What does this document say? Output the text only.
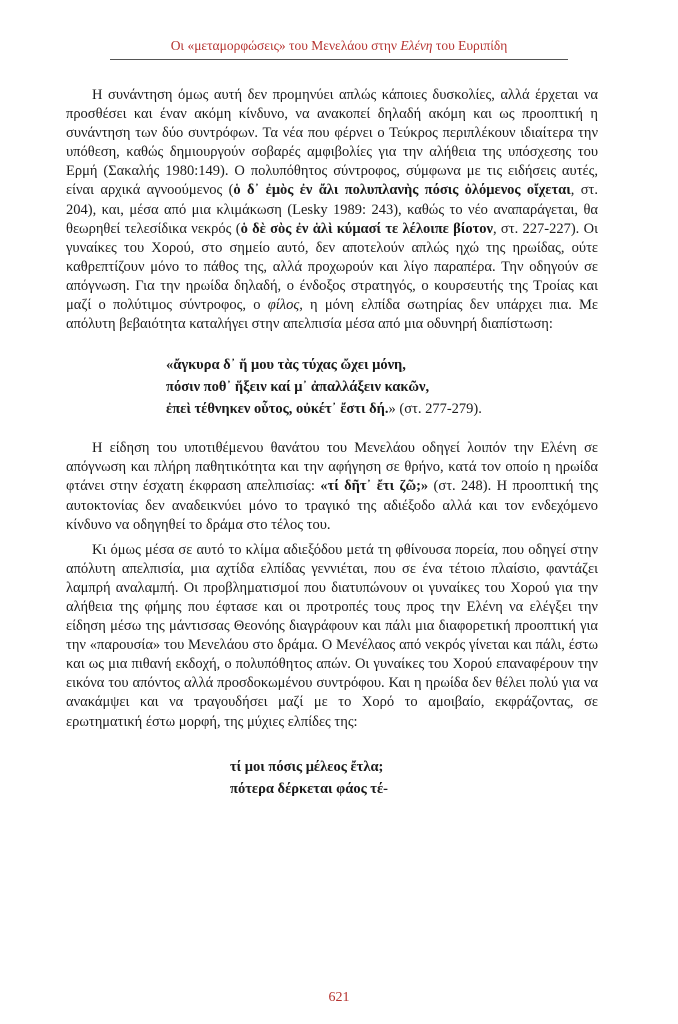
Οι «μεταμορφώσεις» του Μενελάου στην Ελένη του Ευριπίδη

Η συνάντηση όμως αυτή δεν προμηνύει απλώς κάποιες δυσκολίες, αλλά έρχεται να προσθέσει και έναν ακόμη κίνδυνο, να ανακοπεί δηλαδή ακόμη και ως προοπτική η συνάντηση των δύο συντρόφων. Τα νέα που φέρνει ο Τεύκρος περιπλέκουν ιδιαίτερα την υπόθεση, καθώς δημιουργούν σοβαρές αμφιβολίες για την αλήθεια της υπόσχεσης του Ερμή (Σακαλής 1980:149). Ο πολυπόθητος σύντροφος, σύμφωνα με τις ειδήσεις αυτές, είναι αρχικά αγνοούμενος (ὁ δ᾽ ἐμὸς ἐν ἄλι πολυπλανὴς πόσις ὀλόμενος οἴχεται, στ. 204), και, μέσα από μια κλιμάκωση (Lesky 1989: 243), καθώς το νέο αναπαράγεται, θα θεωρηθεί τελεσίδικα νεκρός (ὁ δὲ σὸς ἐν ἁλὶ κύμασί τε λέλοιπε βίοτον, στ. 227-227). Οι γυναίκες του Χορού, στο σημείο αυτό, δεν αποτελούν απλώς ηχώ της ηρωίδας, ούτε καθρεπτίζουν μόνο το πάθος της, αλλά προχωρούν και λίγο παραπέρα. Την οδηγούν σε απόγνωση. Για την ηρωίδα δηλαδή, ο ένδοξος στρατηγός, ο κουρσευτής της Τροίας και μαζί ο πολύτιμος σύντροφος, ο φίλος, η μόνη ελπίδα σωτηρίας δεν υπάρχει πια. Με απόλυτη βεβαιότητα καταλήγει στην απελπισία μέσα από μια οδυνηρή διαπίστωση:

«ἄγκυρα δ᾽ ἥ μου τὰς τύχας ὤχει μόνη,
πόσιν ποθ᾽ ἥξειν καί μ᾽ ἀπαλλάξειν κακῶν,
ἐπεὶ τέθνηκεν οὗτος, οὐκέτ᾽ ἔστι δή.» (στ. 277-279).

Η είδηση του υποτιθέμενου θανάτου του Μενελάου οδηγεί λοιπόν την Ελένη σε απόγνωση και πλήρη παθητικότητα και την αφήγηση σε θρήνο, κατά τον οποίο η ηρωίδα φτάνει στην έσχατη έκφραση απελπισίας: «τί δῆτ᾽ ἔτι ζῶ;» (στ. 248). Η προοπτική της αυτοκτονίας δεν αναδεικνύει μόνο το τραγικό της αδιέξοδο αλλά και τον ενδεχόμενο κίνδυνο να οδηγηθεί το δράμα στο τέλος του.

Κι όμως μέσα σε αυτό το κλίμα αδιεξόδου μετά τη φθίνουσα πορεία, που οδηγεί στην απόλυτη απελπισία, μια αχτίδα ελπίδας γεννιέται, που σε ένα τέτοιο πλαίσιο, φαντάζει λαμπρή αναλαμπή. Οι προβληματισμοί που διατυπώνουν οι γυναίκες του Χορού για την αλήθεια της φήμης που έφτασε και οι προτροπές τους προς την Ελένη να ελέγξει την είδηση μέσω της μάντισσας Θεονόης διαγράφουν και πάλι μια διαφορετική προοπτική για την «παρουσία» του Μενελάου στο δράμα. Ο Μενέλαος από νεκρός γίνεται και πάλι, έστω και ως μια πιθανή εκδοχή, ο πολυπόθητος απών. Οι γυναίκες του Χορού επαναφέρουν την εικόνα του απόντος αλλά προσδοκωμένου συντρόφου. Και η ηρωίδα δεν θέλει πολύ για να ανακάμψει και να τραγουδήσει μαζί με το Χορό το αμοιβαίο, εκφράζοντας, σε ερωτηματική έστω μορφή, της μύχιες ελπίδες της:

τί μοι πόσις μέλεος ἔτλα;
πότερα δέρκεται φάος τέ-
621
